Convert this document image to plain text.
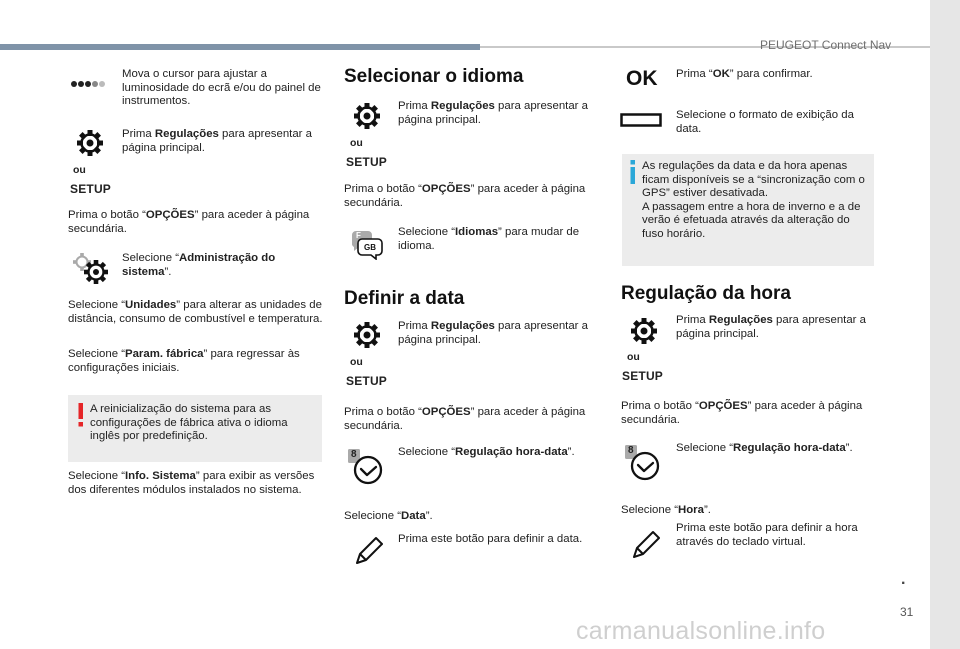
PEUGEOT Connect Nav
.
31
carmanualsonline.info
Mova o cursor para ajustar a luminosidade do ecrã e/ou do painel de instrumentos.
Prima Regulações para apresentar a página principal.
ou
SETUP
Prima o botão “OPÇÕES” para aceder à página secundária.
Selecione “Administração do sistema”.
Selecione “Unidades” para alterar as unidades de distância, consumo de combustível e temperatura.
Selecione “Param. fábrica” para regressar às configurações iniciais.
A reinicialização do sistema para as configurações de fábrica ativa o idioma inglês por predefinição.
Selecione “Info. Sistema” para exibir as versões dos diferentes módulos instalados no sistema.
Selecionar o idioma
Prima Regulações para apresentar a página principal.
ou
SETUP
Prima o botão “OPÇÕES” para aceder à página secundária.
F
GB
Selecione “Idiomas” para mudar de idioma.
Definir a data
Prima Regulações para apresentar a página principal.
ou
SETUP
Prima o botão “OPÇÕES” para aceder à página secundária.
8	Selecione “Regulação hora-data”.
Selecione “Data”.
Prima este botão para definir a data.
OK Prima “OK” para confirmar.
Selecione o formato de exibição da data.
As regulações da data e da hora apenas ficam disponíveis se a “sincronização com o GPS” estiver desativada.
A passagem entre a hora de inverno e a de verão é efetuada através da alteração do fuso horário.
Regulação da hora
Prima Regulações para apresentar a página principal.
ou
SETUP
Prima o botão “OPÇÕES” para aceder à página secundária.
8	Selecione “Regulação hora-data”.
Selecione “Hora”.
Prima este botão para definir a hora através do teclado virtual.
